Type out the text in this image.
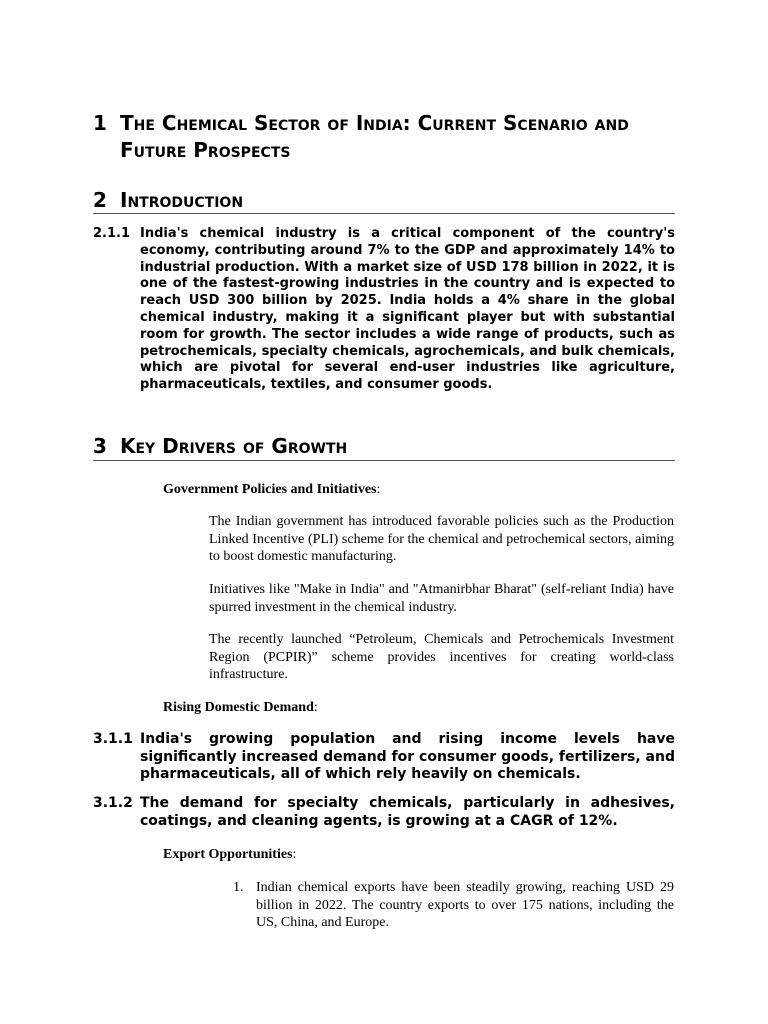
1 The Chemical Sector of India: Current Scenario and Future Prospects
2 Introduction
2.1.1 India's chemical industry is a critical component of the country's economy, contributing around 7% to the GDP and approximately 14% to industrial production. With a market size of USD 178 billion in 2022, it is one of the fastest-growing industries in the country and is expected to reach USD 300 billion by 2025. India holds a 4% share in the global chemical industry, making it a significant player but with substantial room for growth. The sector includes a wide range of products, such as petrochemicals, specialty chemicals, agrochemicals, and bulk chemicals, which are pivotal for several end-user industries like agriculture, pharmaceuticals, textiles, and consumer goods.
3 Key Drivers of Growth
Government Policies and Initiatives:
The Indian government has introduced favorable policies such as the Production Linked Incentive (PLI) scheme for the chemical and petrochemical sectors, aiming to boost domestic manufacturing.
Initiatives like "Make in India" and "Atmanirbhar Bharat" (self-reliant India) have spurred investment in the chemical industry.
The recently launched “Petroleum, Chemicals and Petrochemicals Investment Region (PCPIR)” scheme provides incentives for creating world-class infrastructure.
Rising Domestic Demand:
3.1.1 India's growing population and rising income levels have significantly increased demand for consumer goods, fertilizers, and pharmaceuticals, all of which rely heavily on chemicals.
3.1.2 The demand for specialty chemicals, particularly in adhesives, coatings, and cleaning agents, is growing at a CAGR of 12%.
Export Opportunities:
1. Indian chemical exports have been steadily growing, reaching USD 29 billion in 2022. The country exports to over 175 nations, including the US, China, and Europe.
